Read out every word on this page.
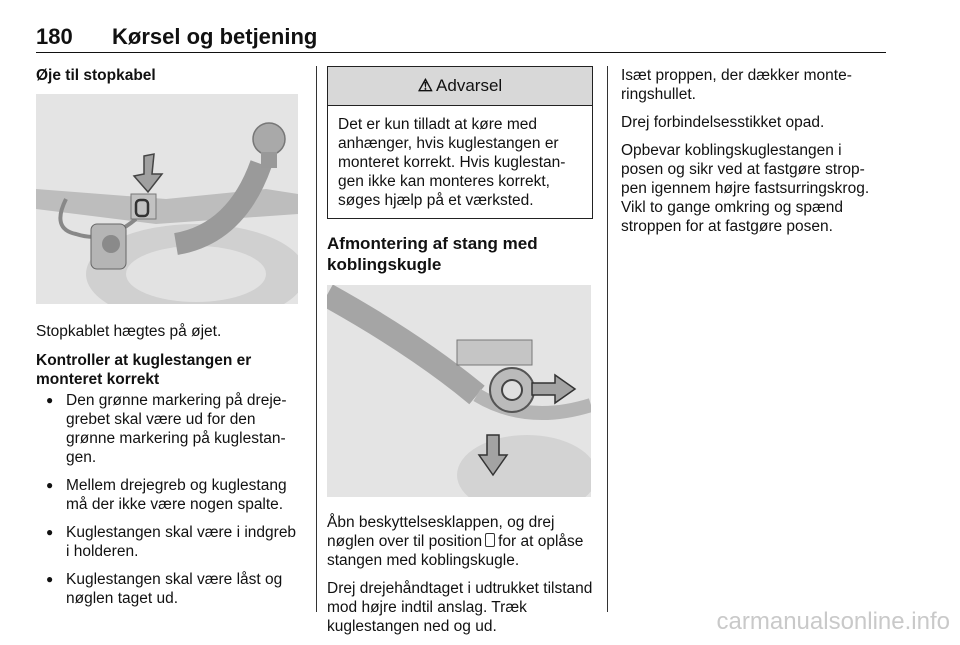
180 Kørsel og betjening

Øje til stopkabel

Stopkablet hægtes på øjet.

Kontroller at kuglestangen er monteret korrekt

● Den grønne markering på dreje-grebet skal være ud for den grønne markering på kuglestan-gen.
● Mellem drejegreb og kuglestang må der ikke være nogen spalte.
● Kuglestangen skal være i indgreb i holderen.
● Kuglestangen skal være låst og nøglen taget ud.
⚠ Advarsel
Det er kun tilladt at køre med anhænger, hvis kuglestangen er monteret korrekt. Hvis kuglestan-gen ikke kan monteres korrekt, søges hjælp på et værksted.
Afmontering af stang med koblingskugle

Åbn beskyttelsesklappen, og drej nøglen over til position for at oplåse stangen med koblingskugle.

Drej drejehåndtaget i udtrukket tilstand mod højre indtil anslag. Træk kuglestangen ned og ud.

Isæt proppen, der dækker monte-ringshullet.

Drej forbindelsesstikket opad.

Opbevar koblingskuglestangen i posen og sikr ved at fastgøre strop-pen igennem højre fastsurringskrog. Vikl to gange omkring og spænd stroppen for at fastgøre posen.

carmanualsonline.info
